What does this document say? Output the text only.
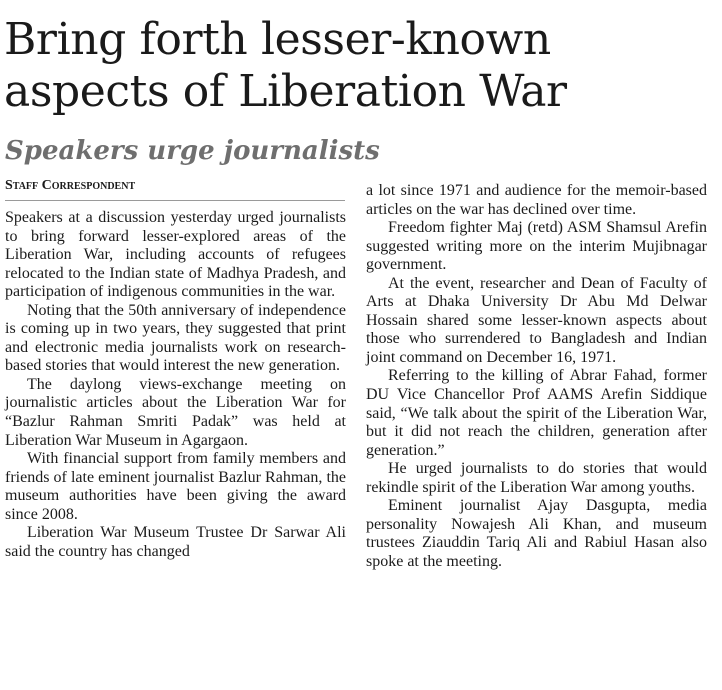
Bring forth lesser-known aspects of Liberation War
Speakers urge journalists
Staff Correspondent

Speakers at a discussion yesterday urged journalists to bring forward lesser-explored areas of the Liberation War, including accounts of refugees relocated to the Indian state of Madhya Pradesh, and participation of indigenous communities in the war.

Noting that the 50th anniversary of independence is coming up in two years, they suggested that print and electronic media journalists work on research-based stories that would interest the new generation.

The daylong views-exchange meeting on journalistic articles about the Liberation War for “Bazlur Rahman Smriti Padak” was held at Liberation War Museum in Agargaon.

With financial support from family members and friends of late eminent journalist Bazlur Rahman, the museum authorities have been giving the award since 2008.

Liberation War Museum Trustee Dr Sarwar Ali said the country has changed

a lot since 1971 and audience for the memoir-based articles on the war has declined over time.

Freedom fighter Maj (retd) ASM Shamsul Arefin suggested writing more on the interim Mujibnagar government.

At the event, researcher and Dean of Faculty of Arts at Dhaka University Dr Abu Md Delwar Hossain shared some lesser-known aspects about those who surrendered to Bangladesh and Indian joint command on December 16, 1971.

Referring to the killing of Abrar Fahad, former DU Vice Chancellor Prof AAMS Arefin Siddique said, “We talk about the spirit of the Liberation War, but it did not reach the children, generation after generation.”

He urged journalists to do stories that would rekindle spirit of the Liberation War among youths.

Eminent journalist Ajay Dasgupta, media personality Nowajesh Ali Khan, and museum trustees Ziauddin Tariq Ali and Rabiul Hasan also spoke at the meeting.
